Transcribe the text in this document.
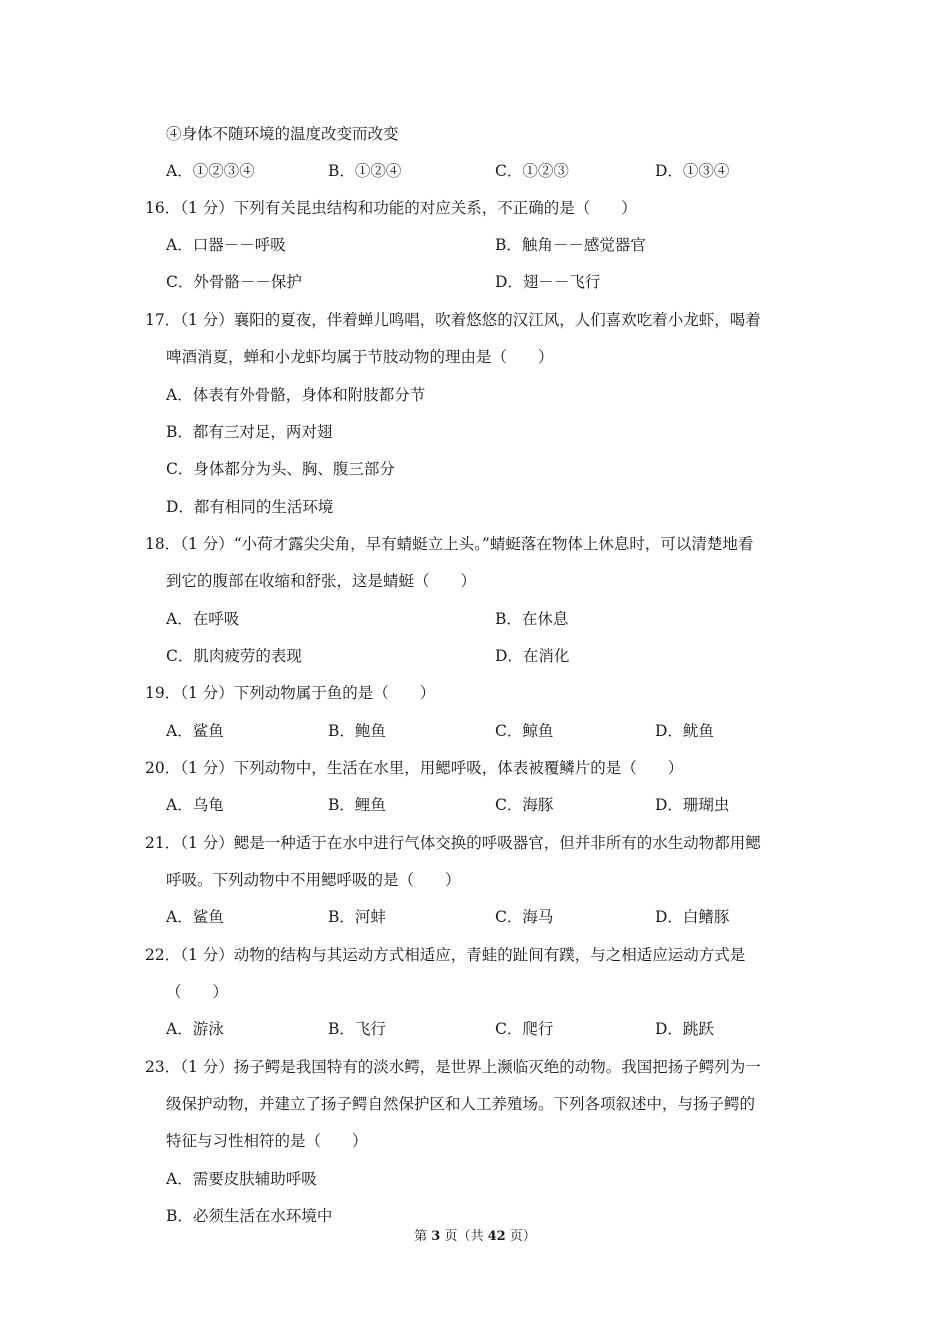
④身体不随环境的温度改变而改变
A．①②③④	B．①②④	C．①②③	D．①③④
16．（1 分）下列有关昆虫结构和功能的对应关系，不正确的是（　　）
A．口器－－呼吸	B．触角－－感觉器官
C．外骨骼－－保护	D．翅－－飞行
17．（1 分）襄阳的夏夜，伴着蝉儿鸣唱，吹着悠悠的汉江风，人们喜欢吃着小龙虾，喝着
啤酒消夏，蝉和小龙虾均属于节肢动物的理由是（　　）
A．体表有外骨骼，身体和附肢都分节
B．都有三对足，两对翅
C．身体都分为头、胸、腹三部分
D．都有相同的生活环境
18．（1 分）“小荷才露尖尖角，早有蜻蜓立上头。”蜻蜓落在物体上休息时，可以清楚地看
到它的腹部在收缩和舒张，这是蜻蜓（　　）
A．在呼吸	B．在休息
C．肌肉疲劳的表现	D．在消化
19．（1 分）下列动物属于鱼的是（　　）
A．鲨鱼	B．鲍鱼	C．鲸鱼	D．鱿鱼
20．（1 分）下列动物中，生活在水里，用鳃呼吸，体表被覆鳞片的是（　　）
A．乌龟	B．鲤鱼	C．海豚	D．珊瑚虫
21．（1 分）鳃是一种适于在水中进行气体交换的呼吸器官，但并非所有的水生动物都用鳃
呼吸。下列动物中不用鳃呼吸的是（　　）
A．鲨鱼	B．河蚌	C．海马	D．白鳍豚
22．（1 分）动物的结构与其运动方式相适应，青蛙的趾间有蹼，与之相适应运动方式是
（　　）
A．游泳	B．飞行	C．爬行	D．跳跃
23．（1 分）扬子鳄是我国特有的淡水鳄，是世界上濒临灭绝的动物。我国把扬子鳄列为一
级保护动物，并建立了扬子鳄自然保护区和人工养殖场。下列各项叙述中，与扬子鳄的
特征与习性相符的是（　　）
A．需要皮肤辅助呼吸
B．必须生活在水环境中
第 3 页（共 42 页）
